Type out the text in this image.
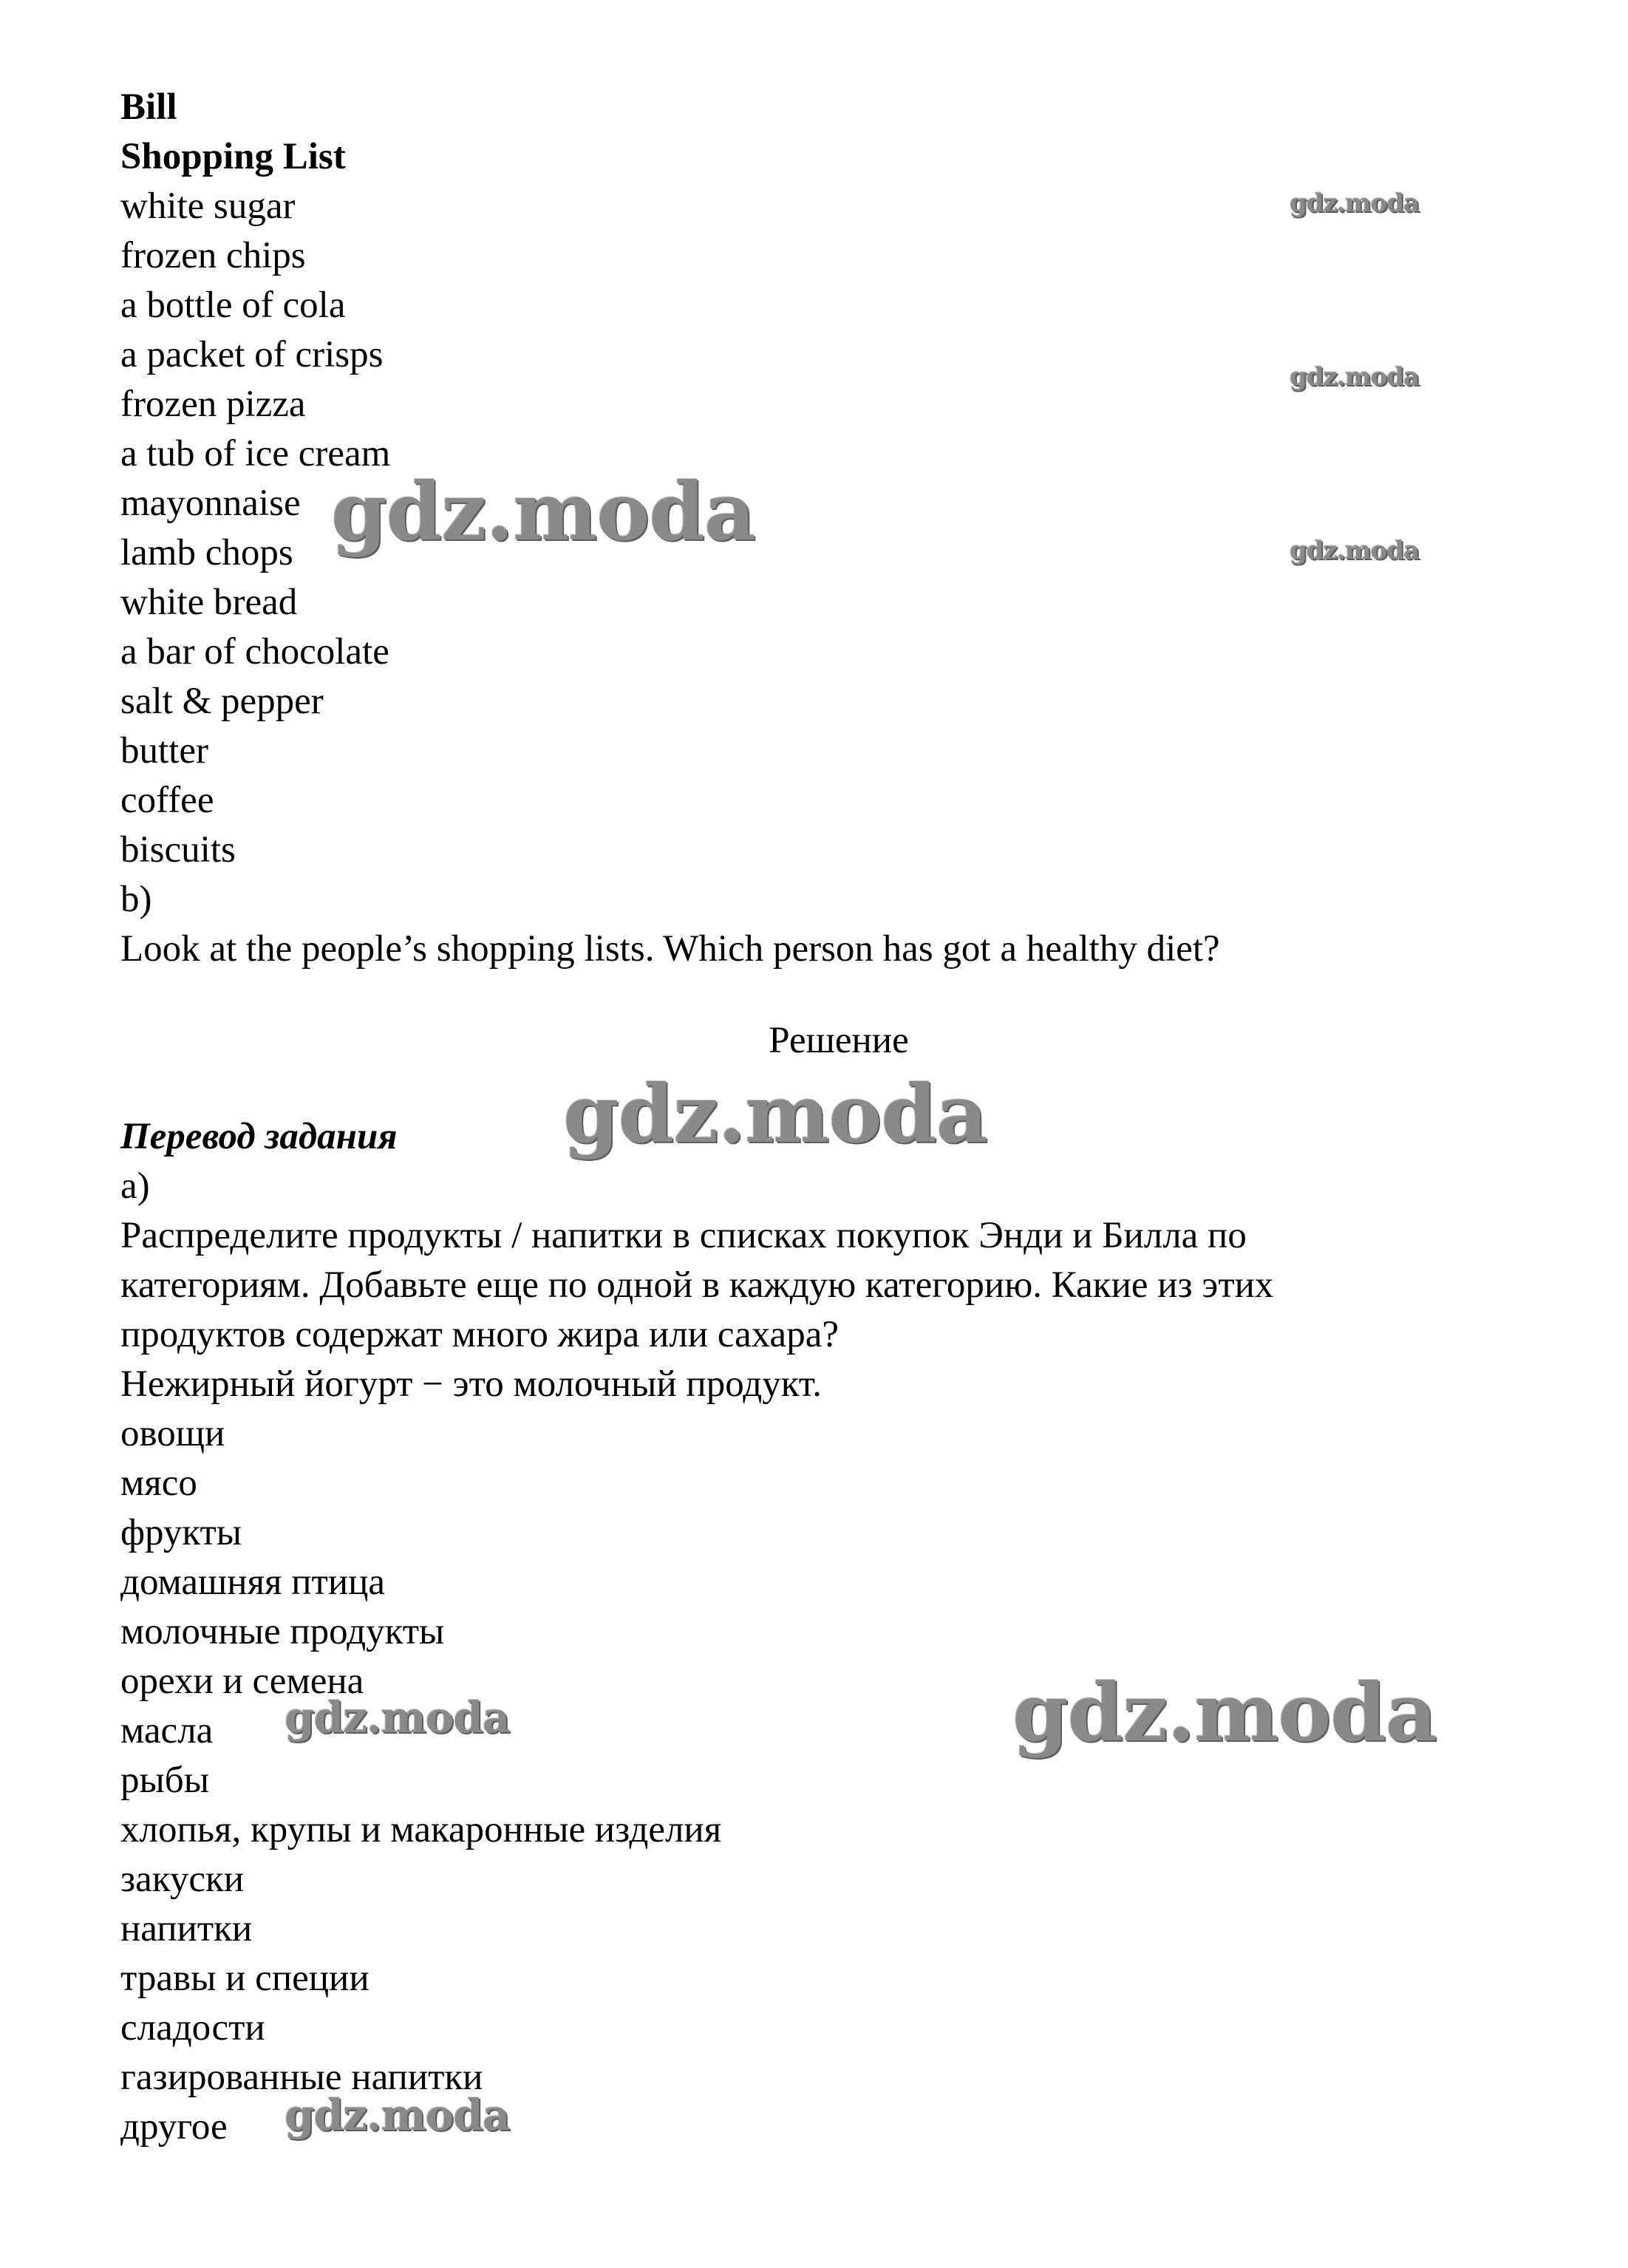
Bill
Shopping List
white sugar
frozen chips
a bottle of cola
a packet of crisps
frozen pizza
a tub of ice cream
mayonnaise
lamb chops
white bread
a bar of chocolate
salt & pepper
butter
coffee
biscuits
b)
Look at the people’s shopping lists. Which person has got a healthy diet?
Решение
Перевод задания
a)
Распределите продукты / напитки в списках покупок Энди и Билла по
категориям. Добавьте еще по одной в каждую категорию. Какие из этих
продуктов содержат много жира или сахара?
Нежирный йогурт − это молочный продукт.
овощи
мясо
фрукты
домашняя птица
молочные продукты
орехи и семена
масла
рыбы
хлопья, крупы и макаронные изделия
закуски
напитки
травы и специи
сладости
газированные напитки
другое
gdz.moda
gdz.moda
gdz.moda
gdz.moda
gdz.moda
gdz.moda
gdz.moda
gdz.moda
